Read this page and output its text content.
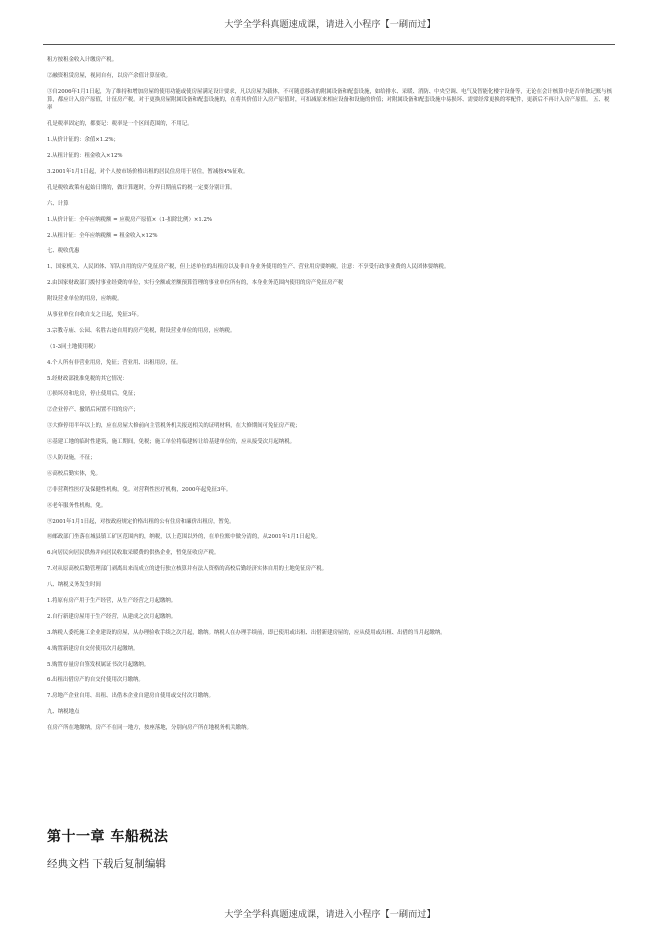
大学全学科真题速成课，请进入小程序【一刷而过】

租方按租金收入计缴房产税。

②融资租赁房屋，视同自有，以房产余值计算征收。

③自2006年1月1日起，为了维持和增加房屋的使用功能或使房屋满足设计要求，凡以房屋为载体，不可随意移动的附属设备和配套设施，如给排水、采暖、消防、中央空调、电气及智能化楼宇设备等，无论在会计核算中是否单独记账与核算，都应计入房产原值，计征房产税。对于更换房屋附属设备和配套设施的，在将其价值计入房产原值时，可扣减原来相应设备和设施的价值；对附属设备和配套设施中易损坏、需要经常更换的零配件，更新后不再计入房产原值。 五、税率

孔是税率固定的，都要记：税率是一个区间范围的，不用记。

1.从价计征的：余值×1.2%；

2.从租计征的：租金收入×12%

3.2001年1月1日起，对个人按市场价格出租的居民住房用于居住，暂减按4%征收。

孔是税收政策有起始日期的，做计算题时，分界日期前后的税一定要分别计算。

六、计算

1.从价计征：全年应纳税额 = 应税房产原值×（1-扣除比例）×1.2%

2.从租计征：全年应纳税额 = 租金收入×12%

七、税收优惠

1、国家机关、人民团体、军队自用的房产免征房产税，但上述单位的出租房以及非自身业务使用的生产、营业用房要纳税，注意：不享受行政事业费的人民团体要纳税。

2.由国家财政部门拨付事业经费的单位，实行全额或差额预算管理的事业单位所有的，本身业务范围内使用的房产免征房产税

附设营业单位的用房，应纳税。

从事业单位自收自支之日起，免征3年。

3.宗教寺庙、公园、名胜古迹自用的房产免税，附设营业单位的用房，应纳税。

（1-3同土地使用税）

4.个人所有非营业用房，免征；营业用、出租用房，征。

5.经财政部批准免税的其它情况：

①损坏房和危房，停止使用后，免征；

②企业停产、撤销后闲置不用的房产；

③大修停用半年以上的，应在房屋大修前向主管税务机关报送相关的证明材料，在大修期间可免征房产税；

④基建工地的临时性建筑，施工期间，免税；施工单位将临建转让给基建单位的，应从接受次月起纳税。

⑤人防设施，不征；

⑥高校后勤实体，免。

⑦非营利性医疗及保健性机构，免。对营利性医疗机构，2000年起免征3年。

⑧老年服务性机构，免。

⑨2001年1月1日起，对按政府规定价格出租的公有住房和廉价出租房，暂免。

⑩邮政部门坐落在城县镇工矿区范围内的，纳税，以上范围以外的，在单位账中做分清的，从2001年1月1日起免。

6.向居民向居民供热并向居民收取采暖费的供热企业，暂免征收房产税。

7.对从原高校后勤管理部门剥离出来而成立的进行独立核算并有法人资格的高校后勤经济实体自用的土地免征房产税。

八、纳税义务发生时间

1.将原有房产用于生产经营，从生产经营之月起缴纳。

2.自行新建房屋用于生产经营，从建成之次月起缴纳。

3.纳税人委托施工企业建设的房屋，从办理验收手续之次月起，缴纳。纳税人在办理手续前，即已使用或出租、出借新建房屋的，应从使用或出租、出借的当月起缴纳。

4.购置新建房自交付使用次月起缴纳。

5.购置存量房自签发权属证书次月起缴纳。

6.出租出借房产的自交付使用次月缴纳。

7.房地产企业自用、出租、出借本企业自建房自使用或交付次月缴纳。

九、纳税地点

在房产所在地缴纳，房产不在同一地方，按座落地，分别向房产所在地税务机关缴纳。

第十一章 车船税法
经典文档 下载后复制编辑
大学全学科真题速成课，请进入小程序【一刷而过】
